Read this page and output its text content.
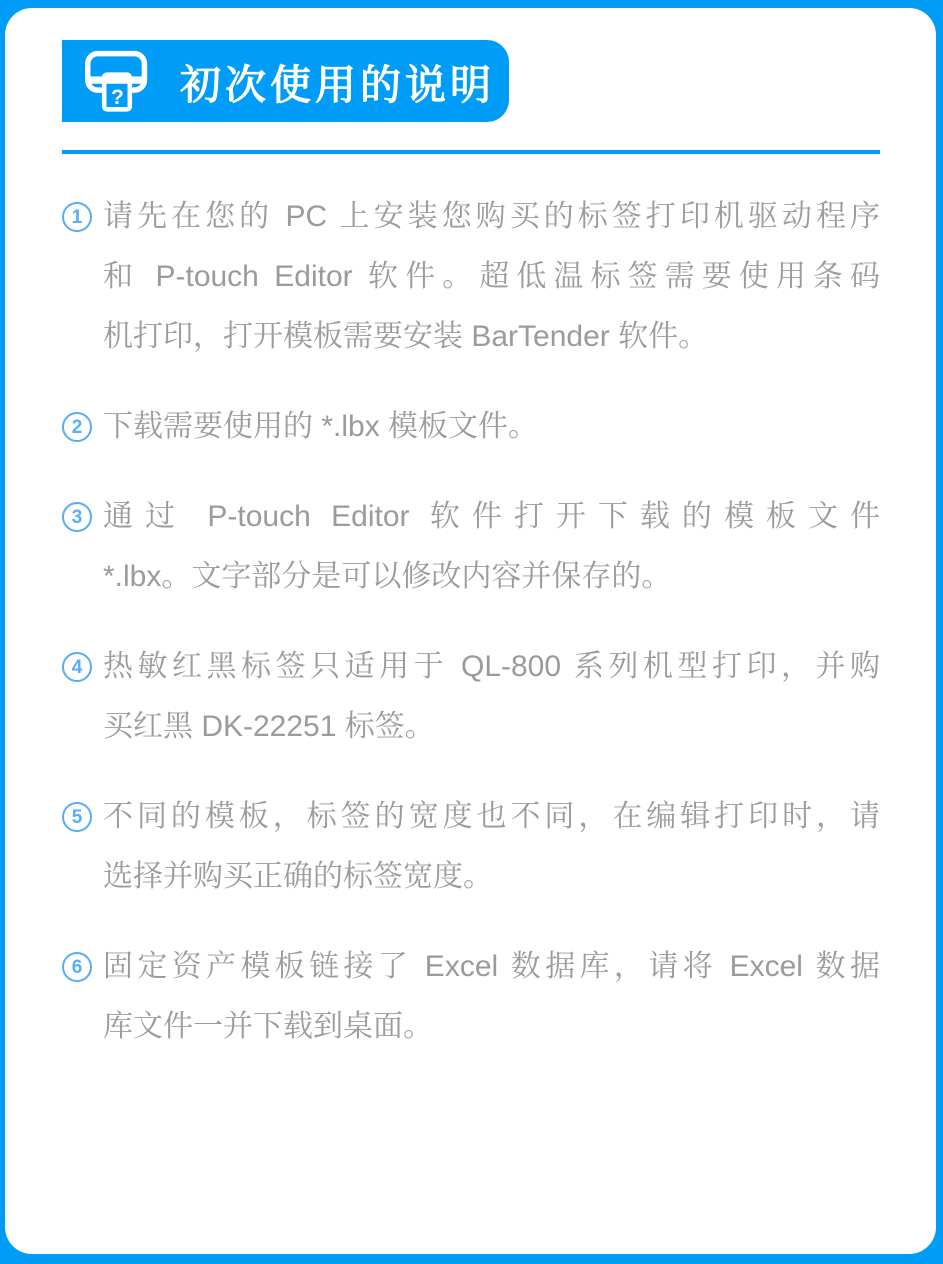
? 初次使用的说明
1 请先在您的 PC 上安装您购买的标签打印机驱动程序
和 P-touch Editor 软件。超低温标签需要使用条码
机打印，打开模板需要安装 BarTender 软件。
2 下载需要使用的 *.lbx 模板文件。
3 通过 P-touch Editor 软件打开下载的模板文件
*.lbx。文字部分是可以修改内容并保存的。
4 热敏红黑标签只适用于 QL-800 系列机型打印，并购
买红黑 DK-22251 标签。
5 不同的模板，标签的宽度也不同，在编辑打印时，请
选择并购买正确的标签宽度。
6 固定资产模板链接了 Excel 数据库，请将 Excel 数据
库文件一并下载到桌面。
